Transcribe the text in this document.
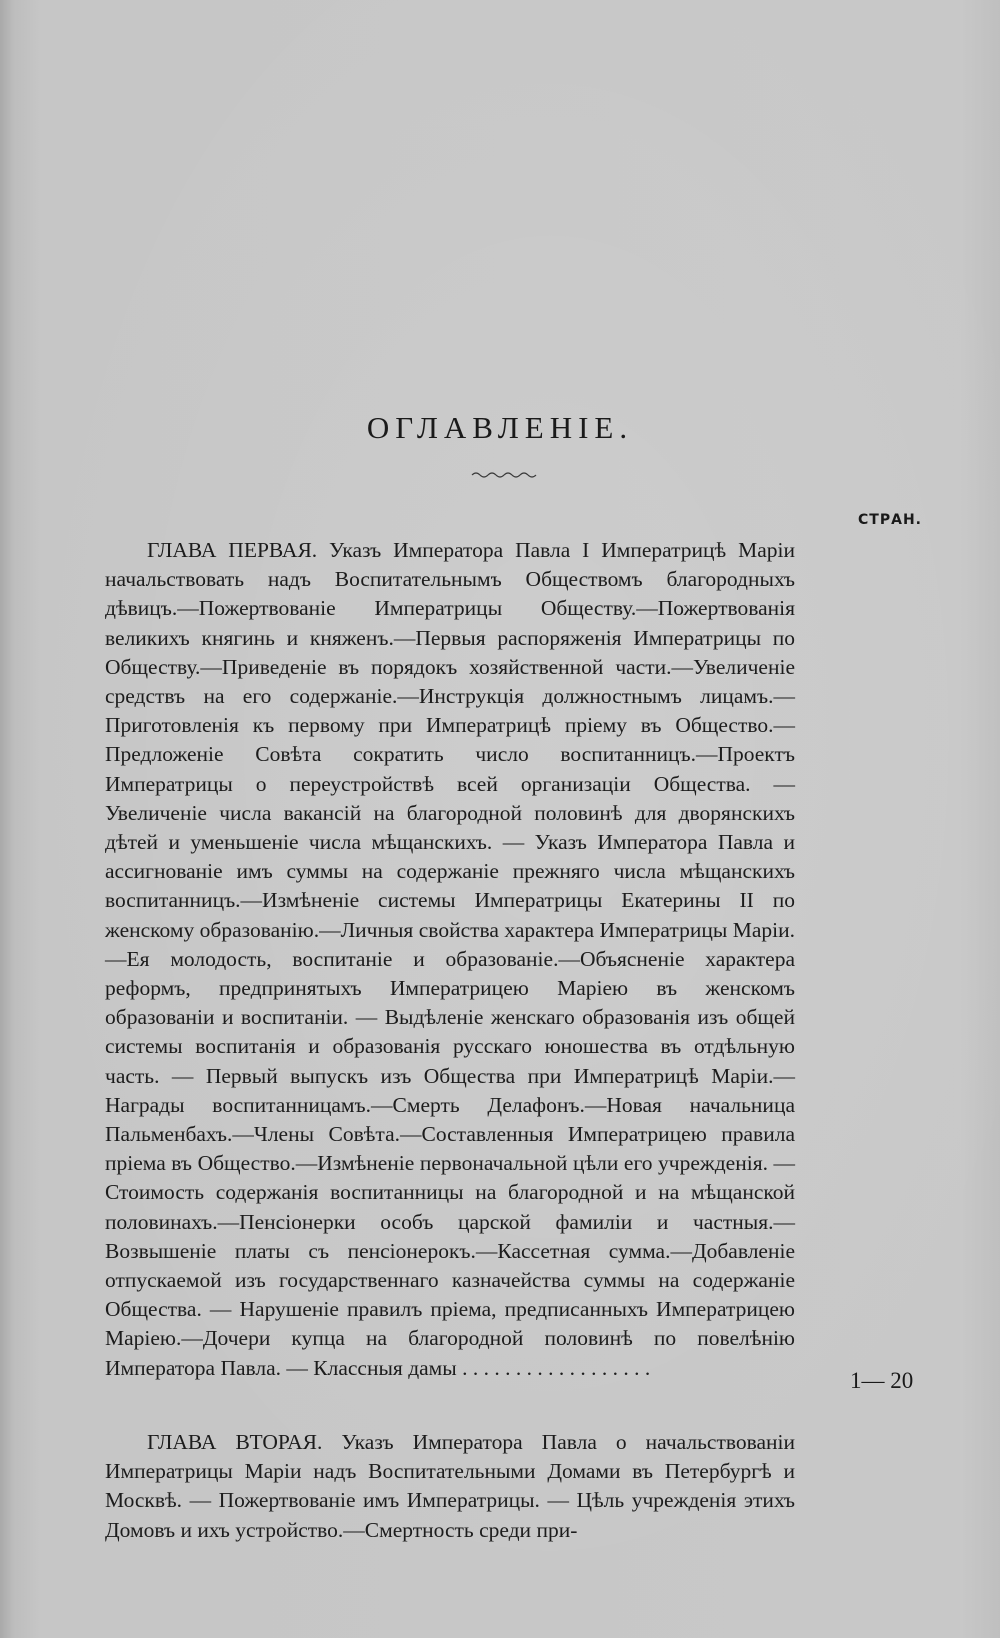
ОГЛАВЛЕНІЕ.
СТРАН.
ГЛАВА ПЕРВАЯ. Указъ Императора Павла I Императрицѣ Маріи начальствовать надъ Воспитательнымъ Обществомъ благородныхъ дѣвицъ.—Пожертвованіе Императрицы Обществу.—Пожертвованія великихъ княгинь и княженъ.—Первыя распоряженія Императрицы по Обществу.—Приведеніе въ порядокъ хозяйственной части.—Увеличеніе средствъ на его содержаніе.—Инструкція должностнымъ лицамъ.—Приготовленія къ первому при Императрицѣ пріему въ Общество.—Предложеніе Совѣта сократить число воспитанницъ.—Проектъ Императрицы о переустройствѣ всей организаціи Общества. — Увеличеніе числа вакансій на благородной половинѣ для дворянскихъ дѣтей и уменьшеніе числа мѣщанскихъ. — Указъ Императора Павла и ассигнованіе имъ суммы на содержаніе прежняго числа мѣщанскихъ воспитанницъ.—Измѣненіе системы Императрицы Екатерины II по женскому образованію.—Личныя свойства характера Императрицы Маріи.—Ея молодость, воспитаніе и образованіе.—Объясненіе характера реформъ, предпринятыхъ Императрицею Маріею въ женскомъ образованіи и воспитаніи. — Выдѣленіе женскаго образованія изъ общей системы воспитанія и образованія русскаго юношества въ отдѣльную часть. — Первый выпускъ изъ Общества при Императрицѣ Маріи.—Награды воспитанницамъ.—Смерть Делафонъ.—Новая начальница Пальменбахъ.—Члены Совѣта.—Составленныя Императрицею правила пріема въ Общество.—Измѣненіе первоначальной цѣли его учрежденія. — Стоимость содержанія воспитанницы на благородной и на мѣщанской половинахъ.—Пенсіонерки особъ царской фамиліи и частныя.—Возвышеніе платы съ пенсіонерокъ.—Кассетная сумма.—Добавленіе отпускаемой изъ государственнаго казначейства суммы на содержаніе Общества. — Нарушеніе правилъ пріема, предписанныхъ Императрицею Маріею.—Дочери купца на благородной половинѣ по повелѣнію Императора Павла. — Классныя дамы . . . . . . . . . . . . . . . . . .
1— 20
ГЛАВА ВТОРАЯ. Указъ Императора Павла о начальствованіи Императрицы Маріи надъ Воспитательными Домами въ Петербургѣ и Москвѣ. — Пожертвованіе имъ Императрицы. — Цѣль учрежденія этихъ Домовъ и ихъ устройство.—Смертность среди при-
